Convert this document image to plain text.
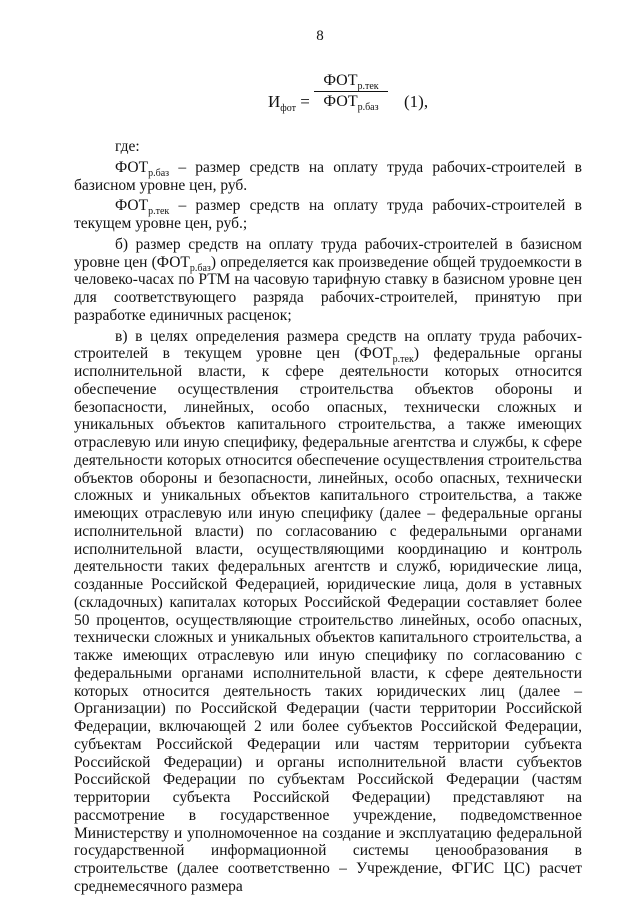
8
$И_{фот}$ =
$ФОТ_{р.тек}$
$ФОТ_{р.баз}$	(1),

где:

$ФОТ_{р.баз}$ – размер средств на оплату труда рабочих-строителей в базисном уровне цен, руб.

$ФОТ_{р.тек}$ – размер средств на оплату труда рабочих-строителей в текущем уровне цен, руб.;

б) размер средств на оплату труда рабочих-строителей в базисном уровне цен $(ФОТ_{р.баз})$ определяется как произведение общей трудоемкости в человеко-часах по РТМ на часовую тарифную ставку в базисном уровне цен для соответствующего разряда рабочих-строителей, принятую при разработке единичных расценок;

в) в целях определения размера средств на оплату труда рабочих-строителей в текущем уровне цен $(ФОТ_{р.тек})$ федеральные органы исполнительной власти, к сфере деятельности которых относится обеспечение осуществления строительства объектов обороны и безопасности, линейных, особо опасных, технически сложных и уникальных объектов капитального строительства, а также имеющих отраслевую или иную специфику, федеральные агентства и службы, к сфере деятельности которых относится обеспечение осуществления строительства объектов обороны и безопасности, линейных, особо опасных, технически сложных и уникальных объектов капитального строительства, а также имеющих отраслевую или иную специфику (далее – федеральные органы исполнительной власти) по согласованию с федеральными органами исполнительной власти, осуществляющими координацию и контроль деятельности таких федеральных агентств и служб, юридические лица, созданные Российской Федерацией, юридические лица, доля в уставных (складочных) капиталах которых Российской Федерации составляет более 50 процентов, осуществляющие строительство линейных, особо опасных, технически сложных и уникальных объектов капитального строительства, а также имеющих отраслевую или иную специфику по согласованию с федеральными органами исполнительной власти, к сфере деятельности которых относится деятельность таких юридических лиц (далее – Организации) по Российской Федерации (части территории Российской Федерации, включающей 2 или более субъектов Российской Федерации, субъектам Российской Федерации или частям территории субъекта Российской Федерации) и органы исполнительной власти субъектов Российской Федерации по субъектам Российской Федерации (частям территории субъекта Российской Федерации) представляют на рассмотрение в государственное учреждение, подведомственное Министерству и уполномоченное на создание и эксплуатацию федеральной государственной информационной системы ценообразования в строительстве (далее соответственно – Учреждение, ФГИС ЦС) расчет среднемесячного размера
